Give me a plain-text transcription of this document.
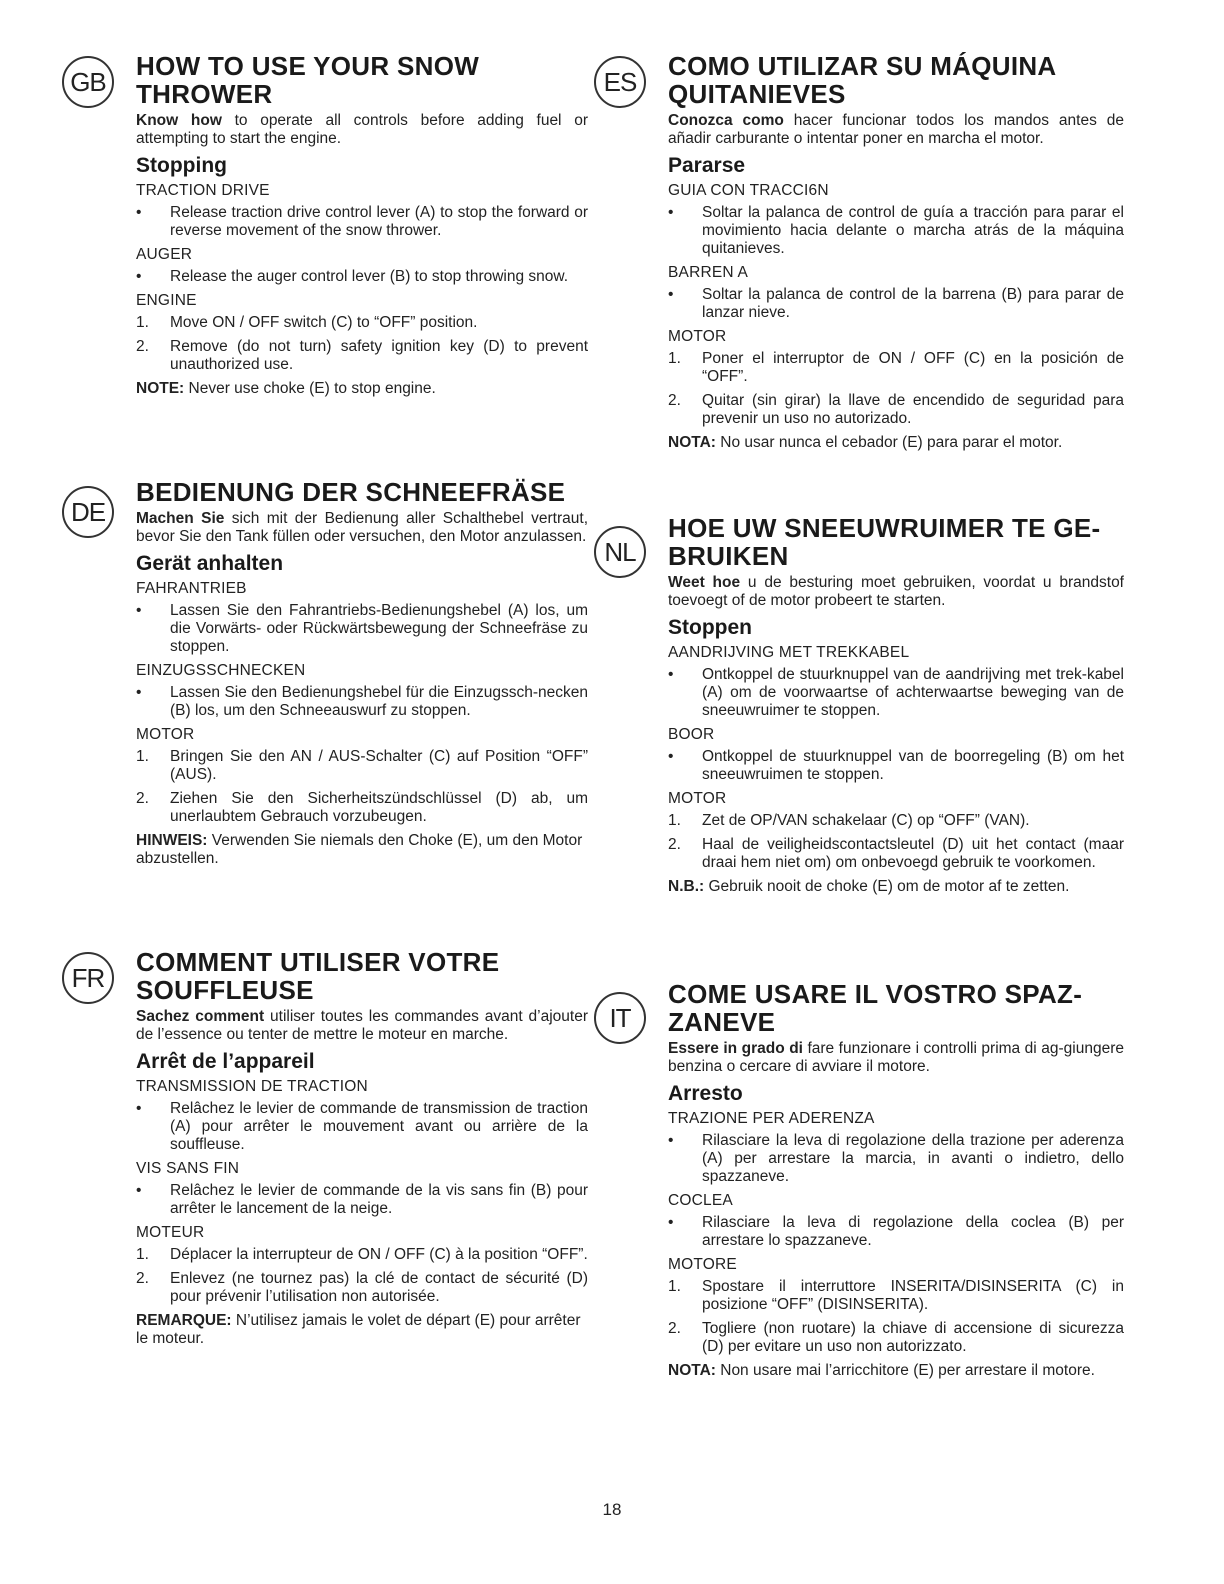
GB
HOW TO USE YOUR SNOW THROWER
Know how to operate all controls before adding fuel or attempting to start the engine.
Stopping
TRACTION DRIVE
•	Release traction drive control lever (A) to stop the forward or reverse movement of the snow thrower.
AUGER
•	Release the auger control lever (B) to stop throwing snow.
ENGINE
1.	Move ON / OFF switch (C) to “OFF” position.
2.	Remove (do not turn) safety ignition key (D) to prevent unauthorized use.
NOTE: Never use choke (E) to stop engine.
DE
BEDIENUNG DER SCHNEEFRÄSE
Machen Sie sich mit der Bedienung aller Schalthebel vertraut, bevor Sie den Tank füllen oder versuchen, den Motor anzulassen.
Gerät anhalten
FAHRANTRIEB
•	Lassen Sie den Fahrantriebs-Bedienungshebel (A) los, um die Vorwärts- oder Rückwärtsbewegung der Schneefräse zu stoppen.
EINZUGSSCHNECKEN
•	Lassen Sie den Bedienungshebel für die Einzugssch-necken (B) los, um den Schneeauswurf zu stoppen.
MOTOR
1.	Bringen Sie den AN / AUS-Schalter (C) auf Position “OFF” (AUS).
2.	Ziehen Sie den Sicherheitszündschlüssel (D) ab, um unerlaubtem Gebrauch vorzubeugen.
HINWEIS: Verwenden Sie niemals den Choke (E), um den Motor abzustellen.
FR
COMMENT UTILISER VOTRE SOUFFLEUSE
Sachez comment utiliser toutes les commandes avant d’ajouter de l’essence ou tenter de mettre le moteur en marche.
Arrêt de l’appareil
TRANSMISSION DE TRACTION
•	Relâchez le levier de commande de transmission de traction (A) pour arrêter le mouvement avant ou arrière de la souffleuse.
VIS SANS FIN
•	Relâchez le levier de commande de la vis sans fin (B) pour arrêter le lancement de la neige.
MOTEUR
1.	Déplacer la interrupteur de ON / OFF (C) à la position “OFF”.
2.	Enlevez (ne tournez pas) la clé de contact de sécurité (D) pour prévenir l’utilisation non autorisée.
REMARQUE: N’utilisez jamais le volet de départ (E) pour arrêter le moteur.
ES
COMO UTILIZAR SU MÁQUINA QUITANIEVES
Conozca como hacer funcionar todos los mandos antes de añadir carburante o intentar poner en marcha el motor.
Pararse
GUIA CON TRACCI6N
•	Soltar la palanca de control de guía a tracción para parar el movimiento hacia delante o marcha atrás de la máquina quitanieves.
BARREN A
•	Soltar la palanca de control de la barrena (B) para parar de lanzar nieve.
MOTOR
1.	Poner el interruptor de ON / OFF (C) en la posición de “OFF”.
2.	Quitar (sin girar) la llave de encendido de seguridad para prevenir un uso no autorizado.
NOTA: No usar nunca el cebador (E) para parar el motor.
NL
HOE UW SNEEUWRUIMER TE GE-BRUIKEN
Weet hoe u de besturing moet gebruiken, voordat u brandstof toevoegt of de motor probeert te starten.
Stoppen
AANDRIJVING MET TREKKABEL
•	Ontkoppel de stuurknuppel van de aandrijving met trek-kabel (A) om de voorwaartse of achterwaartse beweging van de sneeuwruimer te stoppen.
BOOR
•	Ontkoppel de stuurknuppel van de boorregeling (B) om het sneeuwruimen te stoppen.
MOTOR
1.	Zet de OP/VAN schakelaar (C) op “OFF” (VAN).
2.	Haal de veiligheidscontactsleutel (D) uit het contact (maar draai hem niet om) om onbevoegd gebruik te voorkomen.
N.B.: Gebruik nooit de choke (E) om de motor af te zetten.
IT
COME USARE IL VOSTRO SPAZ-ZANEVE
Essere in grado di fare funzionare i controlli prima di ag-giungere benzina o cercare di avviare il motore.
Arresto
TRAZIONE PER ADERENZA
•	Rilasciare la leva di regolazione della trazione per aderenza (A) per arrestare la marcia, in avanti o indietro, dello spazzaneve.
COCLEA
•	Rilasciare la leva di regolazione della coclea (B) per arrestare lo spazzaneve.
MOTORE
1.	Spostare il interruttore INSERITA/DISINSERITA (C) in posizione “OFF” (DISINSERITA).
2.	Togliere (non ruotare) la chiave di accensione di sicurezza (D) per evitare un uso non autorizzato.
NOTA: Non usare mai l’arricchitore (E) per arrestare il motore.
18
